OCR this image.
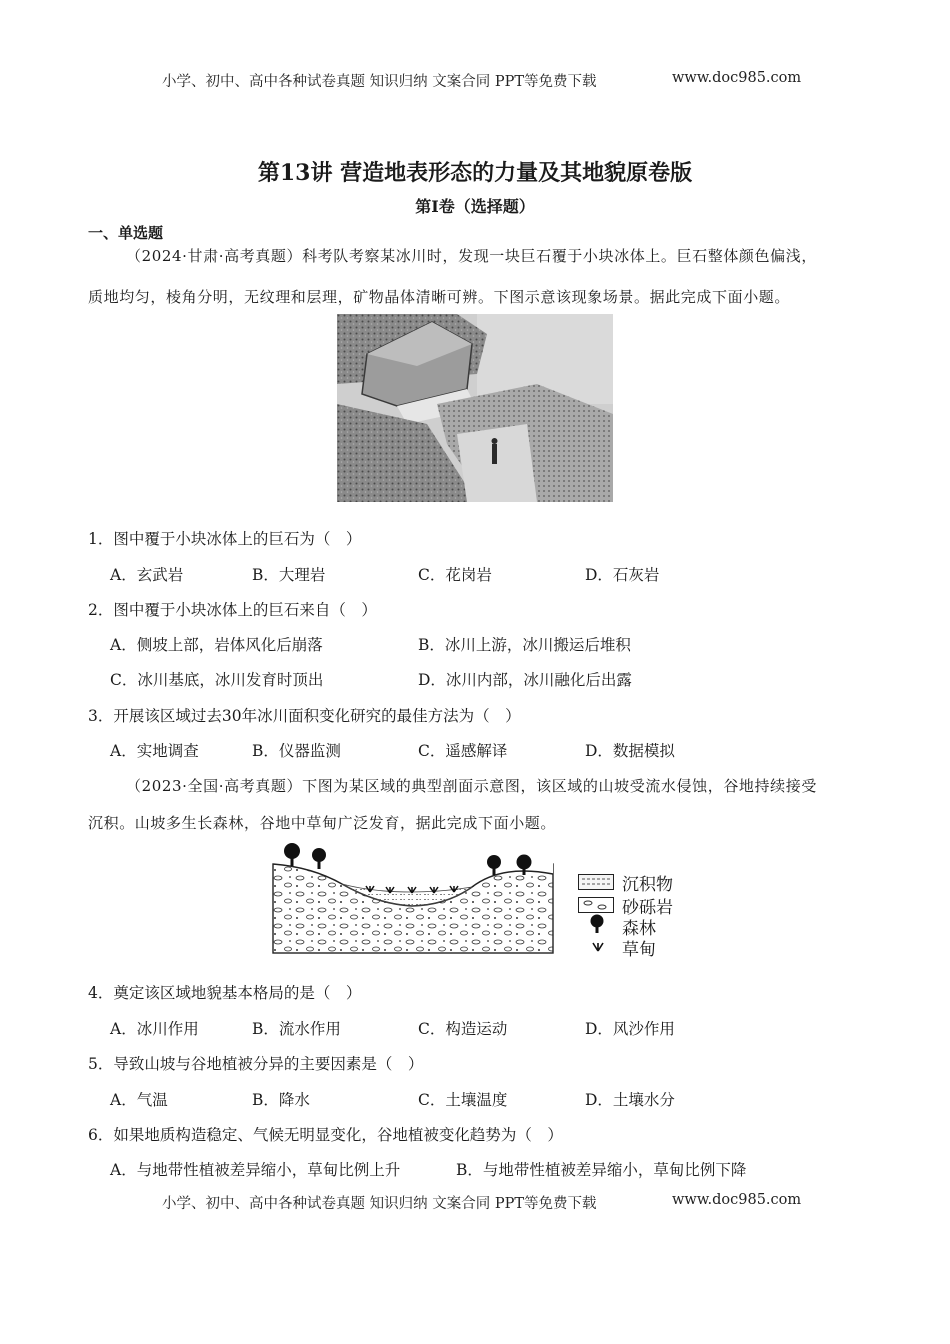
小学、初中、高中各种试卷真题 知识归纳 文案合同 PPT等免费下载	www.doc985.com
第13讲 营造地表形态的力量及其地貌原卷版
第I卷（选择题）
一、单选题
（2024·甘肃·高考真题）科考队考察某冰川时，发现一块巨石覆于小块冰体上。巨石整体颜色偏浅，
质地均匀，棱角分明，无纹理和层理，矿物晶体清晰可辨。下图示意该现象场景。据此完成下面小题。
1．图中覆于小块冰体上的巨石为（　）
A．玄武岩	B．大理岩	C．花岗岩	D．石灰岩
2．图中覆于小块冰体上的巨石来自（　）
A．侧坡上部，岩体风化后崩落	B．冰川上游，冰川搬运后堆积
C．冰川基底，冰川发育时顶出	D．冰川内部，冰川融化后出露
3．开展该区域过去30年冰川面积变化研究的最佳方法为（　）
A．实地调查	B．仪器监测	C．遥感解译	D．数据模拟
（2023·全国·高考真题）下图为某区域的典型剖面示意图，该区域的山坡受流水侵蚀，谷地持续接受
沉积。山坡多生长森林，谷地中草甸广泛发育，据此完成下面小题。
沉积物
砂砾岩
森林
草甸
4．奠定该区域地貌基本格局的是（　）
A．冰川作用	B．流水作用	C．构造运动	D．风沙作用
5．导致山坡与谷地植被分异的主要因素是（　）
A．气温	B．降水	C．土壤温度	D．土壤水分
6．如果地质构造稳定、气候无明显变化，谷地植被变化趋势为（　）
A．与地带性植被差异缩小，草甸比例上升	B．与地带性植被差异缩小，草甸比例下降
小学、初中、高中各种试卷真题 知识归纳 文案合同 PPT等免费下载	www.doc985.com
